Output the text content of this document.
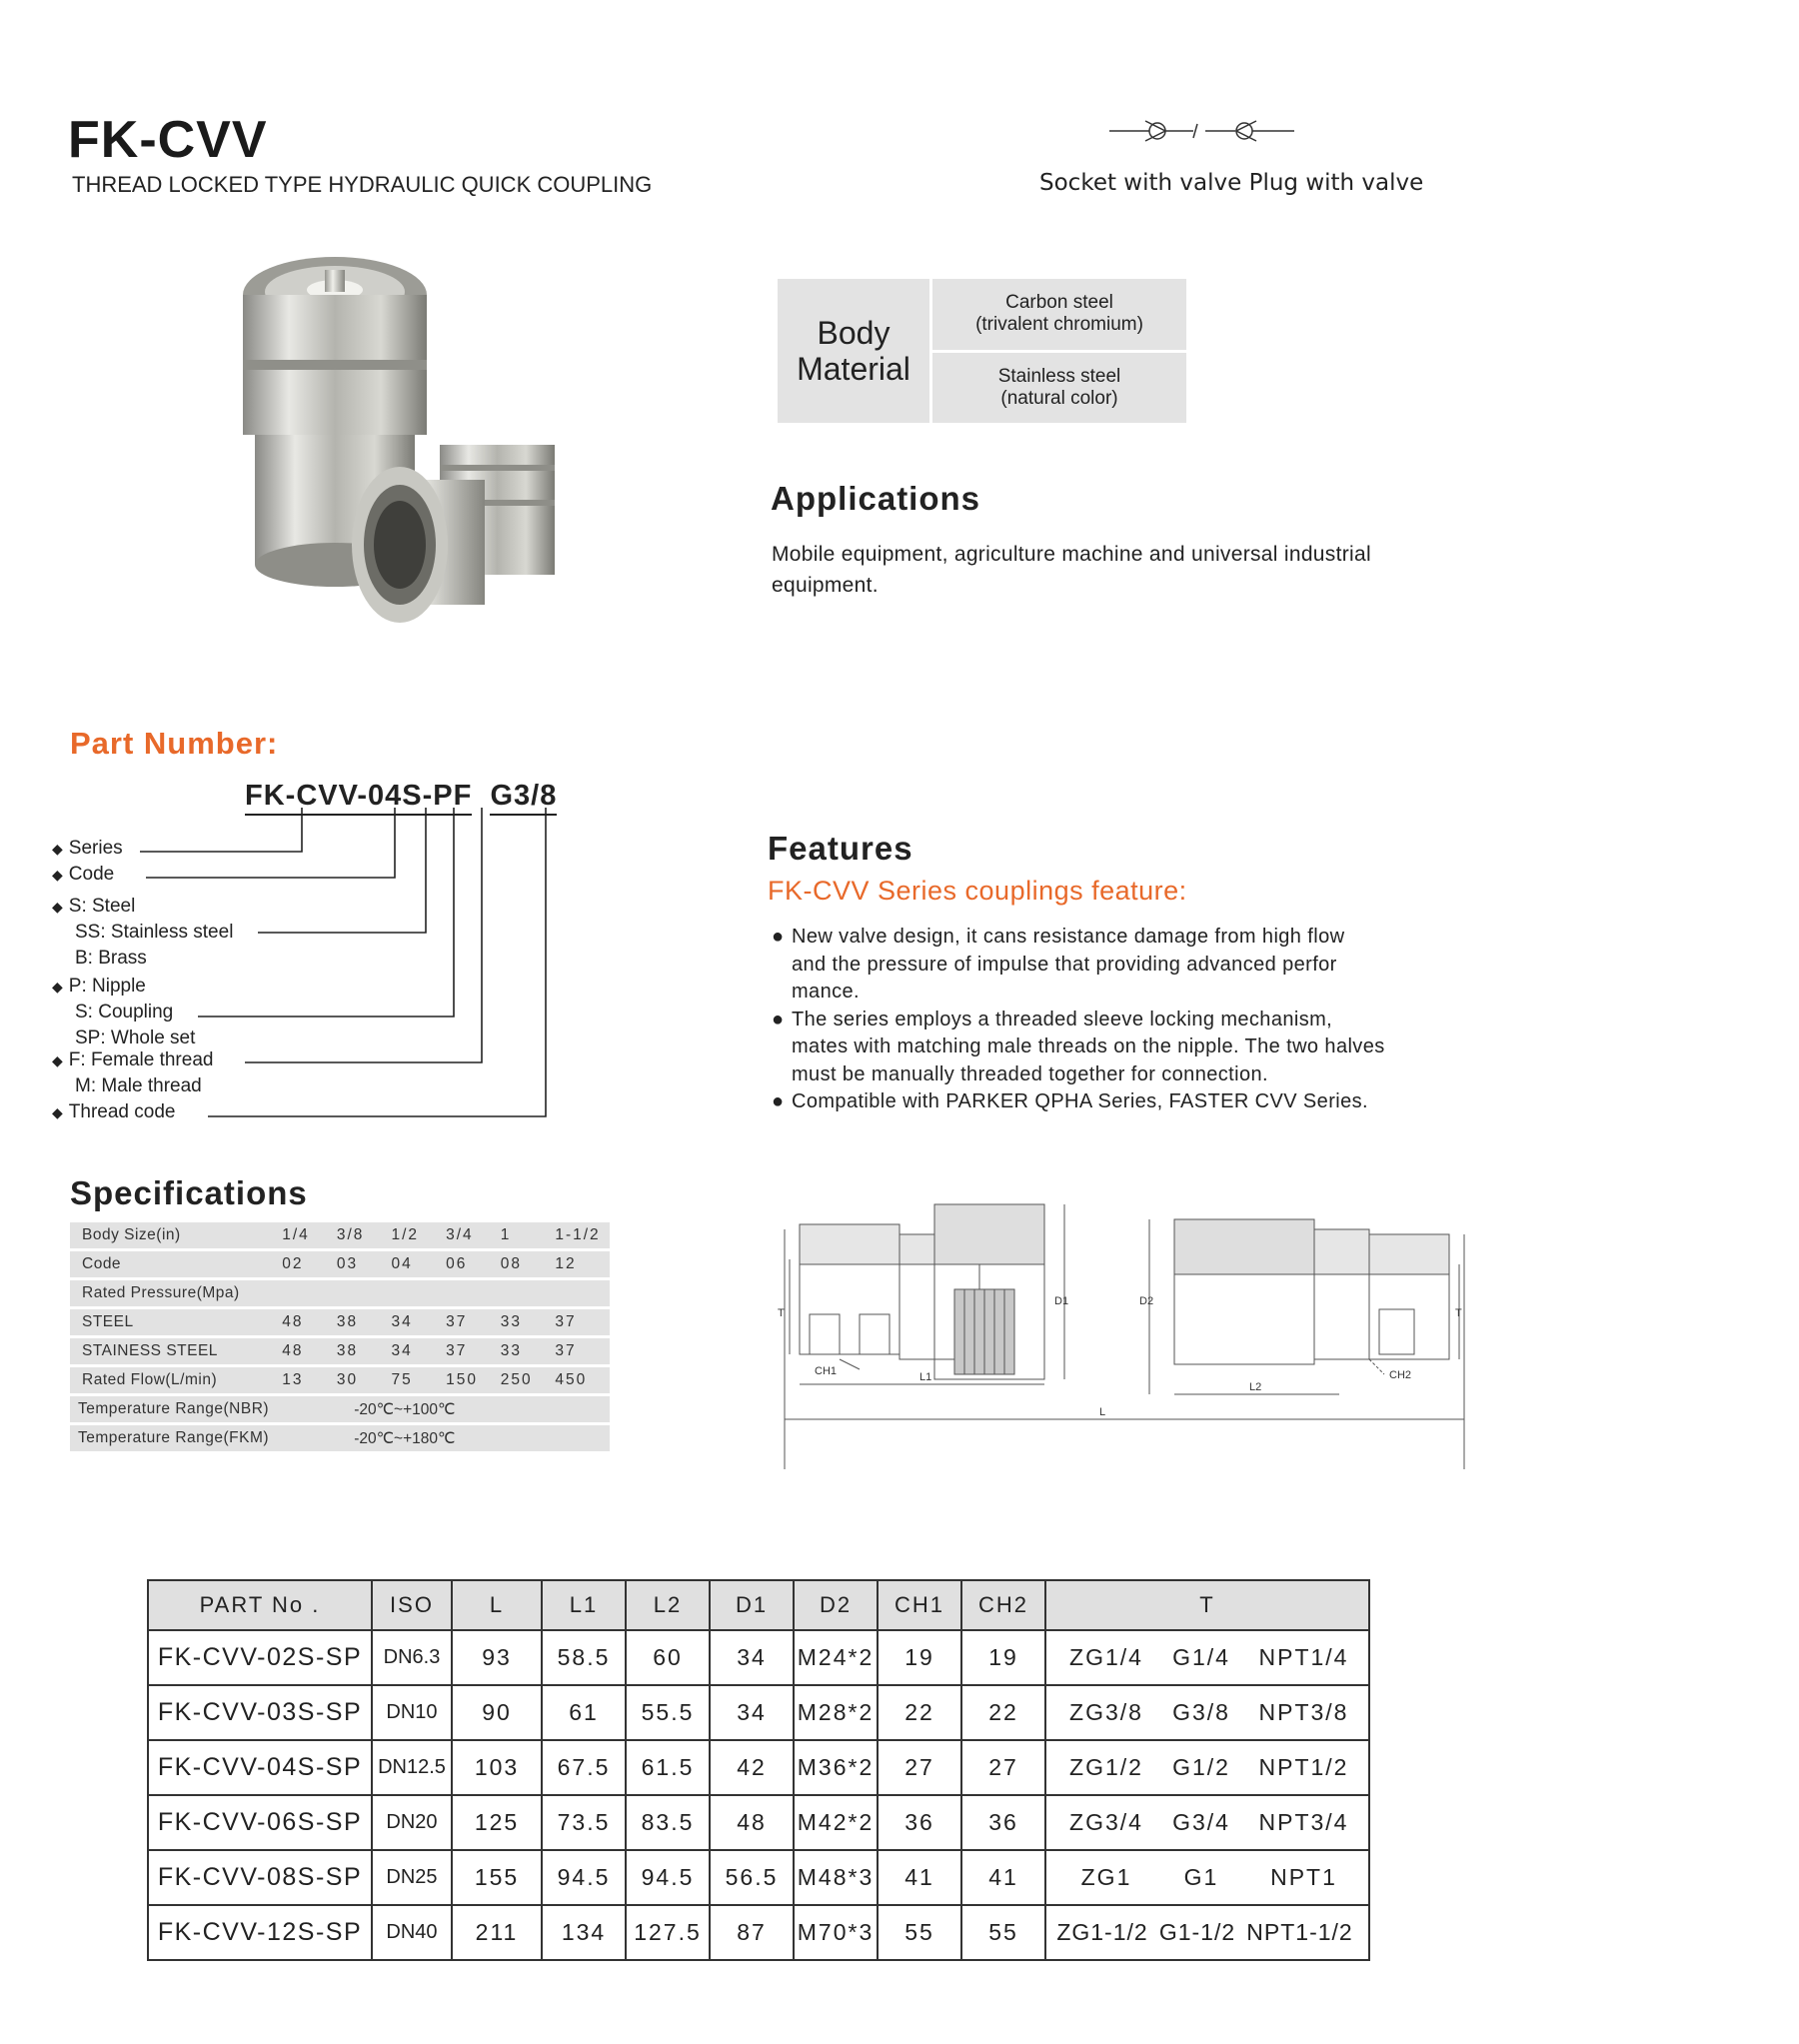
FK-CVV
THREAD LOCKED TYPE HYDRAULIC QUICK COUPLING	Socket with valve Plug with valve
Body
Material

Carbon steel
(trivalent chromium)

Stainless steel
(natural color)
Applications
Mobile equipment, agriculture machine and universal industrial
equipment.
Part Number:
FK-CVV-04S-PF G3/8
◆ Series
◆ Code
◆ S: Steel
SS: Stainless steel
B: Brass
◆ P: Nipple
S: Coupling
SP: Whole set
◆ F: Female thread
M: Male thread
◆ Thread code
Features
FK-CVV Series couplings feature:
● New valve design, it cans resistance damage from high flow
and the pressure of impulse that providing advanced perfor
mance.
● The series employs a threaded sleeve locking mechanism,
mates with matching male threads on the nipple. The two halves
must be manually threaded together for connection.
● Compatible with PARKER QPHA Series, FASTER CVV Series.
Specifications
Body Size(in)	1/4	3/8	1/2	3/4	1	1-1/2
Code	02	03	04	06	08	12
Rated Pressure(Mpa)						
STEEL	48	38	34	37	33	37
STAINESS STEEL	48	38	34	37	33	37
Rated Flow(L/min)	13	30	75	150	250	450
Temperature Range(NBR)	-20℃~+100℃					
Temperature Range(FKM)	-20℃~+180℃					
T	T
D1	D2
CH1	CH2
L1
L2
L
PART No .	ISO	L	L1	L2	D1	D2	CH1	CH2	T
FK-CVV-02S-SP	DN6.3	93	58.5	60	34	M24*2	19	19	ZG1/4 G1/4 NPT1/4
FK-CVV-03S-SP	DN10	90	61	55.5	34	M28*2	22	22	ZG3/8 G3/8 NPT3/8
FK-CVV-04S-SP	DN12.5	103	67.5	61.5	42	M36*2	27	27	ZG1/2 G1/2 NPT1/2
FK-CVV-06S-SP	DN20	125	73.5	83.5	48	M42*2	36	36	ZG3/4 G3/4 NPT3/4
FK-CVV-08S-SP	DN25	155	94.5	94.5	56.5	M48*3	41	41	ZG1 G1 NPT1
FK-CVV-12S-SP	DN40	211	134	127.5	87	M70*3	55	55	ZG1-1/2 G1-1/2 NPT1-1/2
